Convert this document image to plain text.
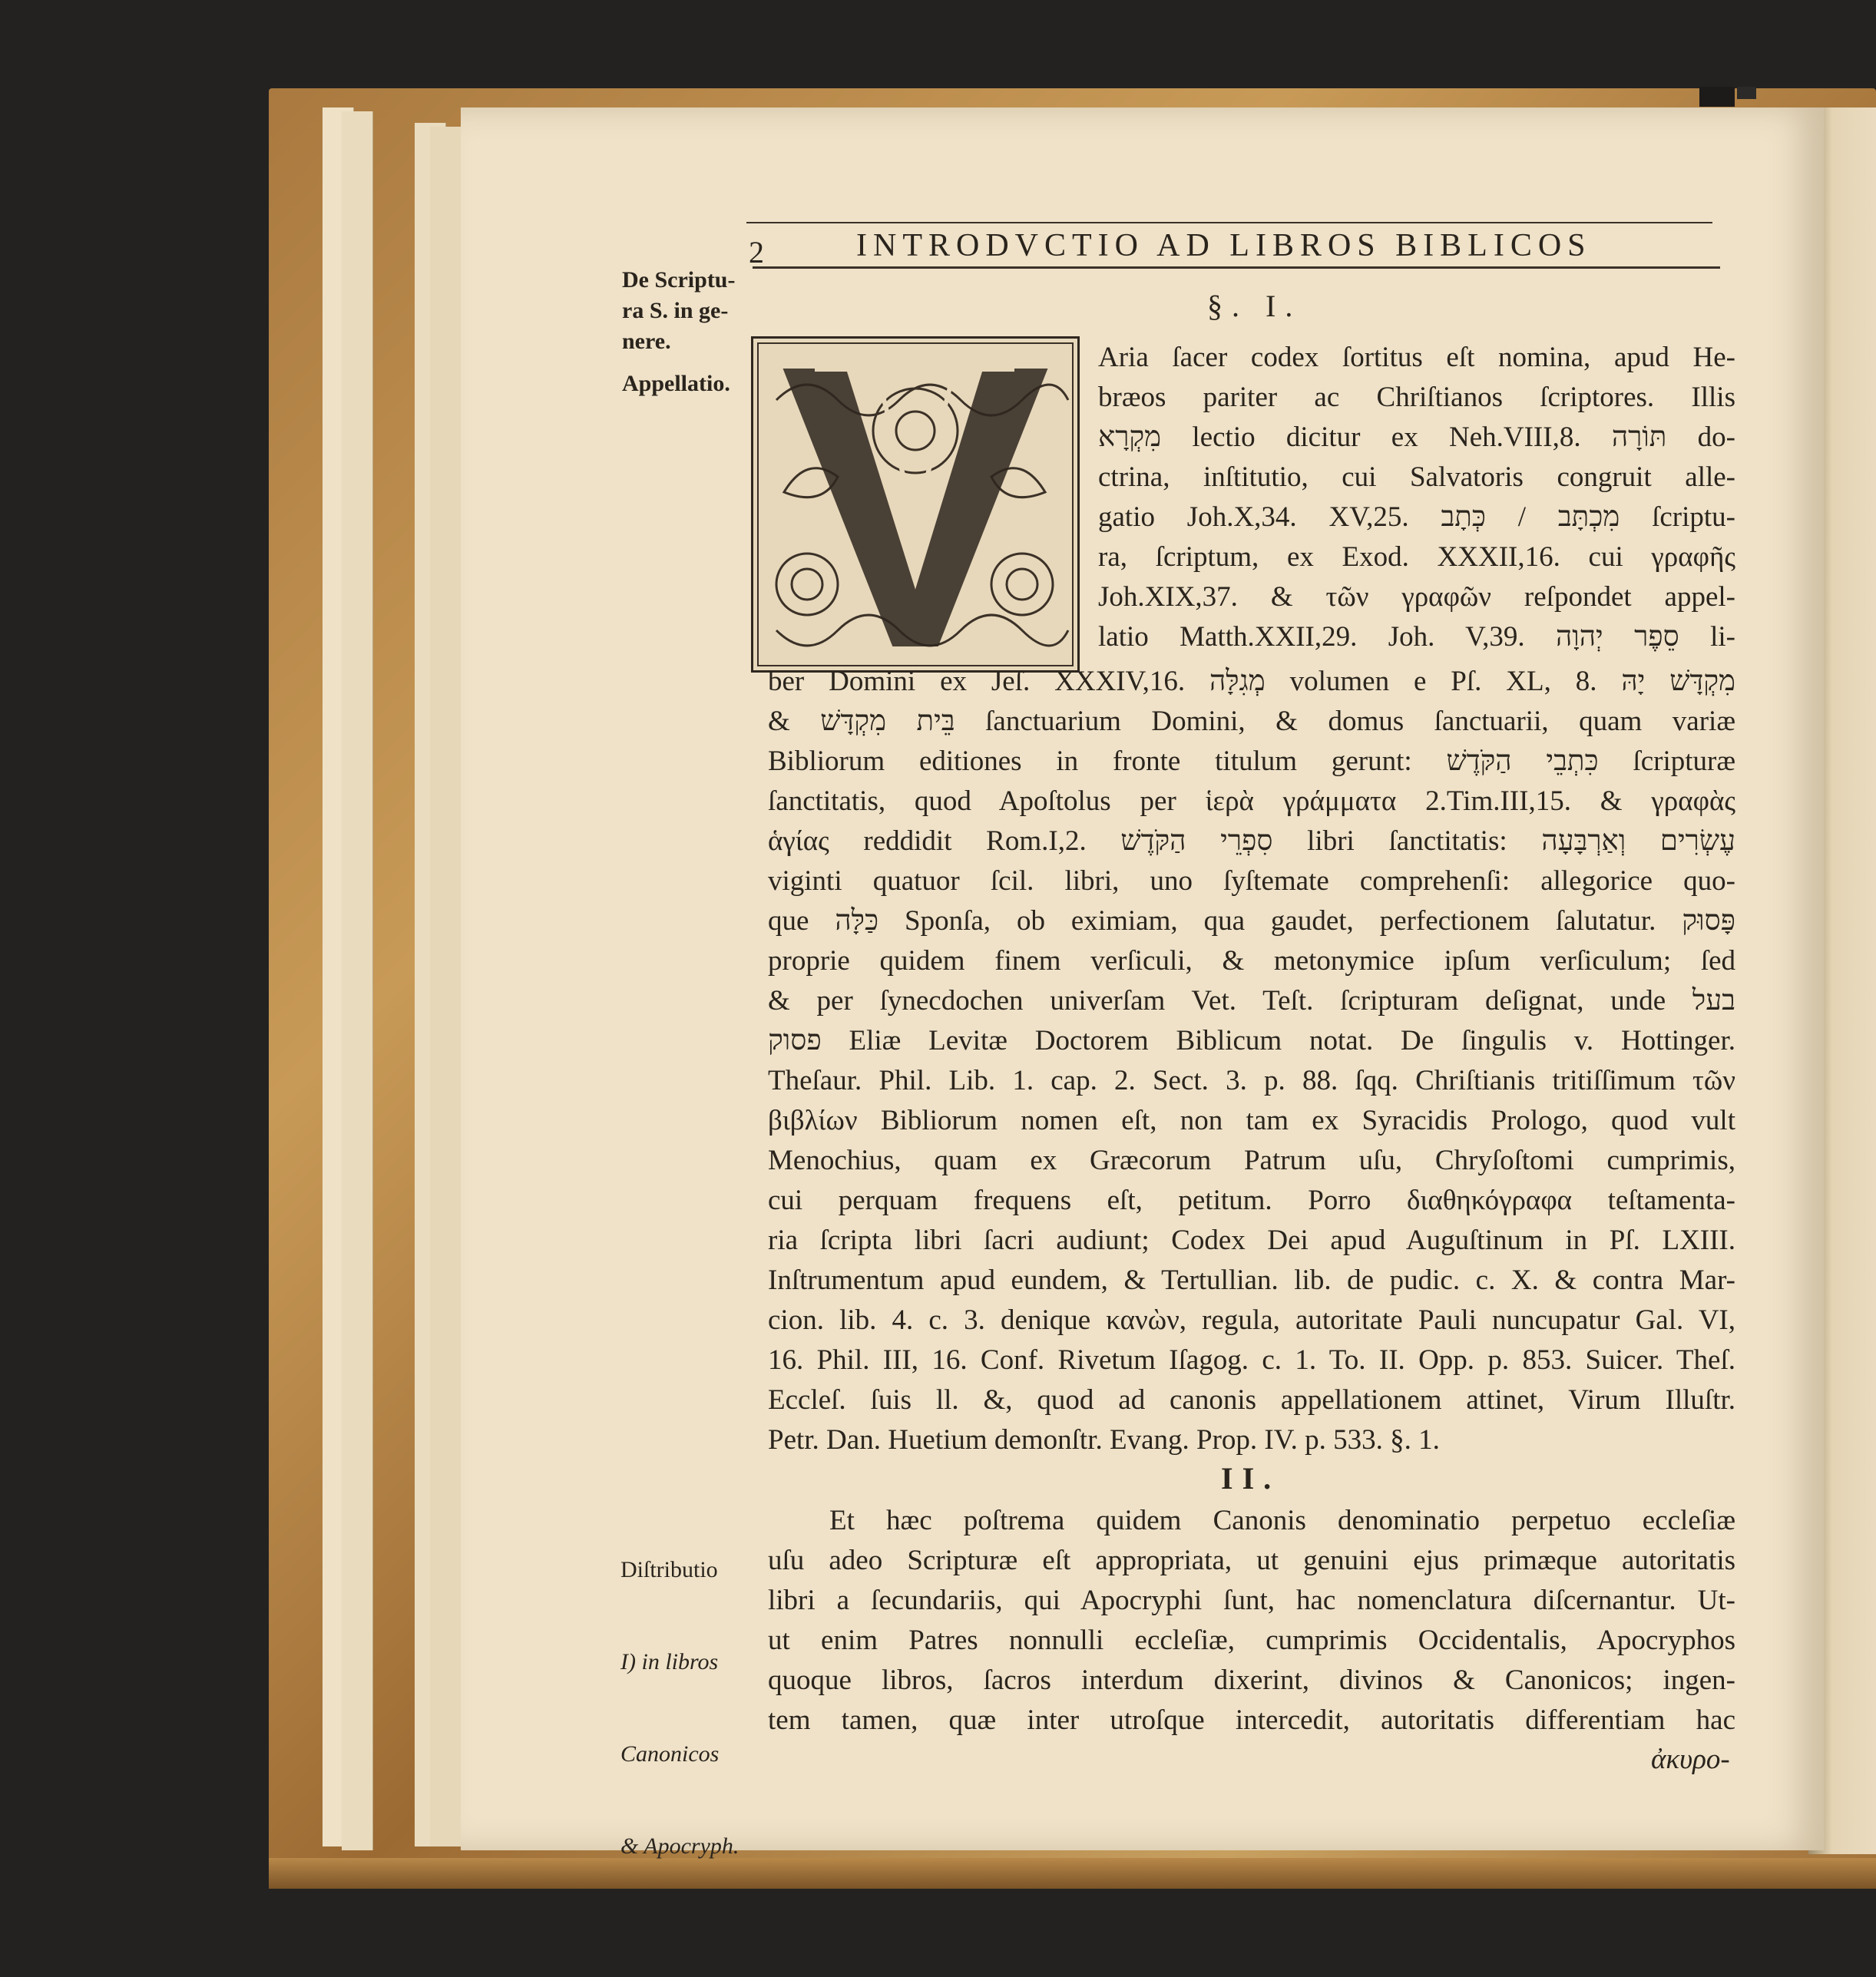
2	INTRODVCTIO AD LIBROS BIBLICOS
De Scriptu-
ra S. in ge-
nere.
Appellatio.

Diſtributio

I) in libros

Canonicos

& Apocryph.

§. I.
Aria ſacer codex ſortitus eſt nomina, apud He-
bræos pariter ac Chriſtianos ſcriptores. Illis
מִקְרָא lectio dicitur ex Neh.VIII,8. תּוֹרָה do-
ctrina, inſtitutio, cui Salvatoris congruit alle-
gatio Joh.X,34. XV,25. מִכְתָּב / כְּתָב ſcriptu-
ra, ſcriptum, ex Exod. XXXII,16. cui γραφῆς
Joh.XIX,37. & τῶν γραφῶν reſpondet appel-
latio Matth.XXII,29. Joh. V,39. סֵפֶר יְהוָה li-
ber Domini ex Jeſ. XXXIV,16. מְגִלָּה volumen e Pſ. XL, 8. מִקְדָּשׁ יָהּ
& בֵּית מִקְדָּשׁ ſanctuarium Domini, & domus ſanctuarii, quam variæ
Bibliorum editiones in fronte titulum gerunt: כִּתְבֵי הַקֹּדֶשׁ ſcripturæ
ſanctitatis, quod Apoſtolus per ἱερὰ γράμματα 2.Tim.III,15. & γραφὰς
ἁγίας reddidit Rom.I,2. סִפְרֵי הַקֹּדֶשׁ libri ſanctitatis: עֶשְׂרִים וְאַרְבָּעָה
viginti quatuor ſcil. libri, uno ſyſtemate comprehenſi: allegorice quo-
que כַּלָּה Sponſa, ob eximiam, qua gaudet, perfectionem ſalutatur. פָּסוּק
proprie quidem finem verſiculi, & metonymice ipſum verſiculum; ſed
& per ſynecdochen univerſam Vet. Teſt. ſcripturam deſignat, unde בעל
פסוק Eliæ Levitæ Doctorem Biblicum notat. De ſingulis v. Hottinger.
Theſaur. Phil. Lib. 1. cap. 2. Sect. 3. p. 88. ſqq. Chriſtianis tritiſſimum τῶν
βιβλίων Bibliorum nomen eſt, non tam ex Syracidis Prologo, quod vult
Menochius, quam ex Græcorum Patrum uſu, Chryſoſtomi cumprimis,
cui perquam frequens eſt, petitum. Porro διαθηκόγραφα teſtamenta-
ria ſcripta libri ſacri audiunt; Codex Dei apud Auguſtinum in Pſ. LXIII.
Inſtrumentum apud eundem, & Tertullian. lib. de pudic. c. X. & contra Mar-
cion. lib. 4. c. 3. denique κανὼν, regula, autoritate Pauli nuncupatur Gal. VI,
16. Phil. III, 16. Conf. Rivetum Iſagog. c. 1. To. II. Opp. p. 853. Suicer. Theſ.
Eccleſ. ſuis ll. &, quod ad canonis appellationem attinet, Virum Illuſtr.
Petr. Dan. Huetium demonſtr. Evang. Prop. IV. p. 533. §. 1.
II.
Et hæc poſtrema quidem Canonis denominatio perpetuo eccleſiæ
uſu adeo Scripturæ eſt appropriata, ut genuini ejus primæque autoritatis
libri a ſecundariis, qui Apocryphi ſunt, hac nomenclatura diſcernantur. Ut-
ut enim Patres nonnulli eccleſiæ, cumprimis Occidentalis, Apocryphos
quoque libros, ſacros interdum dixerint, divinos & Canonicos; ingen-
tem tamen, quæ inter utroſque intercedit, autoritatis differentiam hac
ἀκυρο-
